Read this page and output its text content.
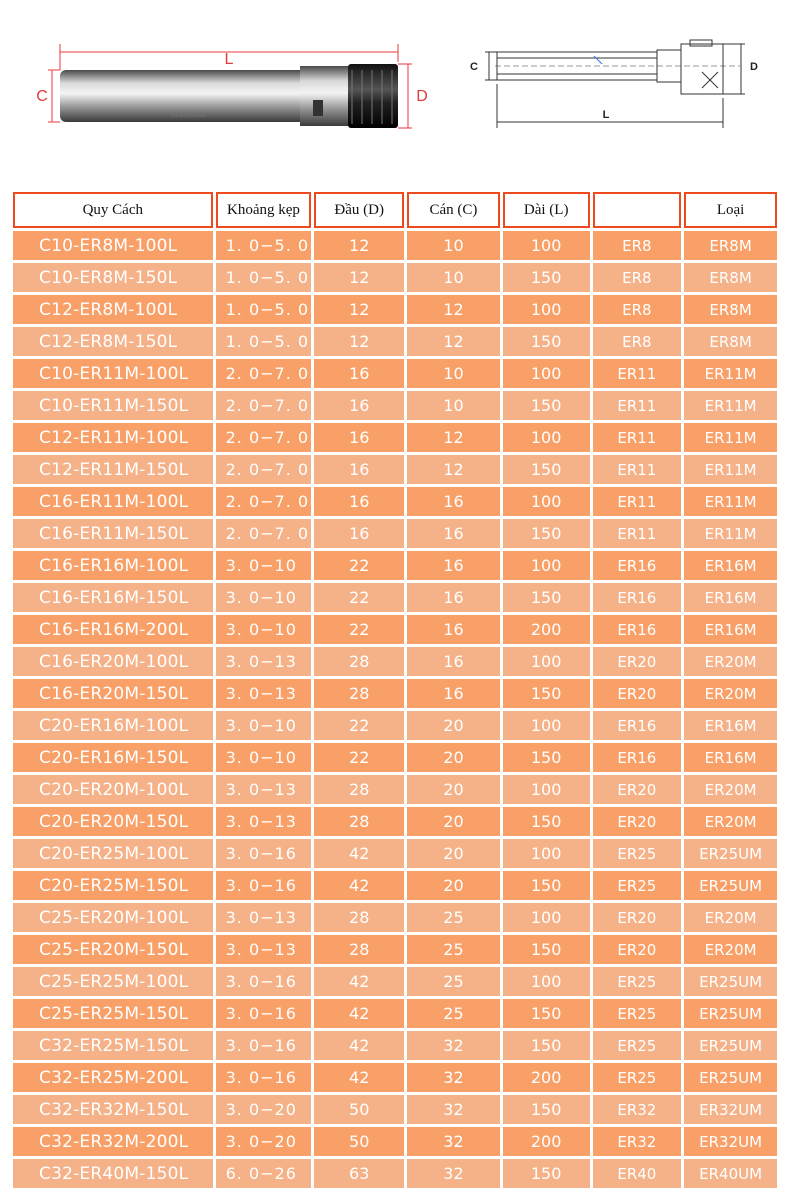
TOOL HOLDER
L
C	D
C	D
L
Quy Cách	Khoảng kẹp	Đầu (D)	Cán (C)	Dài (L)		Loại
C10-ER8M-100L	1. 0−5. 0	12	10	100	ER8	ER8M
C10-ER8M-150L	1. 0−5. 0	12	10	150	ER8	ER8M
C12-ER8M-100L	1. 0−5. 0	12	12	100	ER8	ER8M
C12-ER8M-150L	1. 0−5. 0	12	12	150	ER8	ER8M
C10-ER11M-100L	2. 0−7. 0	16	10	100	ER11	ER11M
C10-ER11M-150L	2. 0−7. 0	16	10	150	ER11	ER11M
C12-ER11M-100L	2. 0−7. 0	16	12	100	ER11	ER11M
C12-ER11M-150L	2. 0−7. 0	16	12	150	ER11	ER11M
C16-ER11M-100L	2. 0−7. 0	16	16	100	ER11	ER11M
C16-ER11M-150L	2. 0−7. 0	16	16	150	ER11	ER11M
C16-ER16M-100L	3. 0−10	22	16	100	ER16	ER16M
C16-ER16M-150L	3. 0−10	22	16	150	ER16	ER16M
C16-ER16M-200L	3. 0−10	22	16	200	ER16	ER16M
C16-ER20M-100L	3. 0−13	28	16	100	ER20	ER20M
C16-ER20M-150L	3. 0−13	28	16	150	ER20	ER20M
C20-ER16M-100L	3. 0−10	22	20	100	ER16	ER16M
C20-ER16M-150L	3. 0−10	22	20	150	ER16	ER16M
C20-ER20M-100L	3. 0−13	28	20	100	ER20	ER20M
C20-ER20M-150L	3. 0−13	28	20	150	ER20	ER20M
C20-ER25M-100L	3. 0−16	42	20	100	ER25	ER25UM
C20-ER25M-150L	3. 0−16	42	20	150	ER25	ER25UM
C25-ER20M-100L	3. 0−13	28	25	100	ER20	ER20M
C25-ER20M-150L	3. 0−13	28	25	150	ER20	ER20M
C25-ER25M-100L	3. 0−16	42	25	100	ER25	ER25UM
C25-ER25M-150L	3. 0−16	42	25	150	ER25	ER25UM
C32-ER25M-150L	3. 0−16	42	32	150	ER25	ER25UM
C32-ER25M-200L	3. 0−16	42	32	200	ER25	ER25UM
C32-ER32M-150L	3. 0−20	50	32	150	ER32	ER32UM
C32-ER32M-200L	3. 0−20	50	32	200	ER32	ER32UM
C32-ER40M-150L	6. 0−26	63	32	150	ER40	ER40UM
